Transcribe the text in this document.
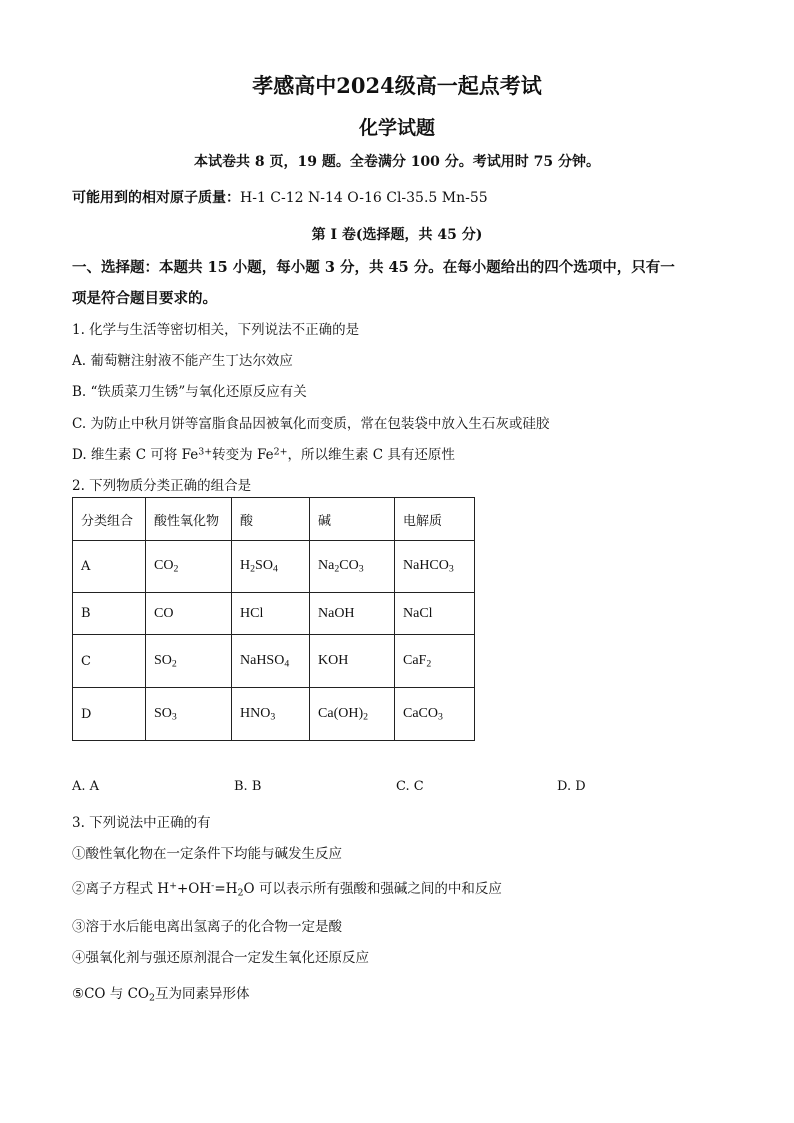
孝感高中2024级高一起点考试
化学试题
本试卷共 8 页，19 题。全卷满分 100 分。考试用时 75 分钟。
可能用到的相对原子质量：H-1 C-12 N-14 O-16 Cl-35.5 Mn-55
第 I 卷(选择题，共 45 分)
一、选择题：本题共 15 小题，每小题 3 分，共 45 分。在每小题给出的四个选项中，只有一
项是符合题目要求的。
1. 化学与生活等密切相关，下列说法不正确的是
A. 葡萄糖注射液不能产生丁达尔效应
B. “铁质菜刀生锈”与氧化还原反应有关
C. 为防止中秋月饼等富脂食品因被氧化而变质，常在包装袋中放入生石灰或硅胶
D. 维生素 C 可将 $Fe^{3+}$转变为 $Fe^{2+}$，所以维生素 C 具有还原性
2. 下列物质分类正确的组合是
分类组合	酸性氧化物	酸	碱	电解质
A	$CO_2$	$H_2SO_4$	$Na_2CO_3$	NaHCO$_3$
B	CO	HCl	NaOH	NaCl
C	$SO_2$	NaHSO$_4$	KOH	CaF$_2$
D	$SO_3$	$HNO_3$	$Ca(OH)_2$	CaCO$_3$
A. A	B. B	C. C	D. D
3. 下列说法中正确的有
①酸性氧化物在一定条件下均能与碱发生反应
②离子方程式 $H^++OH^-=H_2O$ 可以表示所有强酸和强碱之间的中和反应
③溶于水后能电离出氢离子的化合物一定是酸
④强氧化剂与强还原剂混合一定发生氧化还原反应
⑤CO 与 $CO_2$互为同素异形体
